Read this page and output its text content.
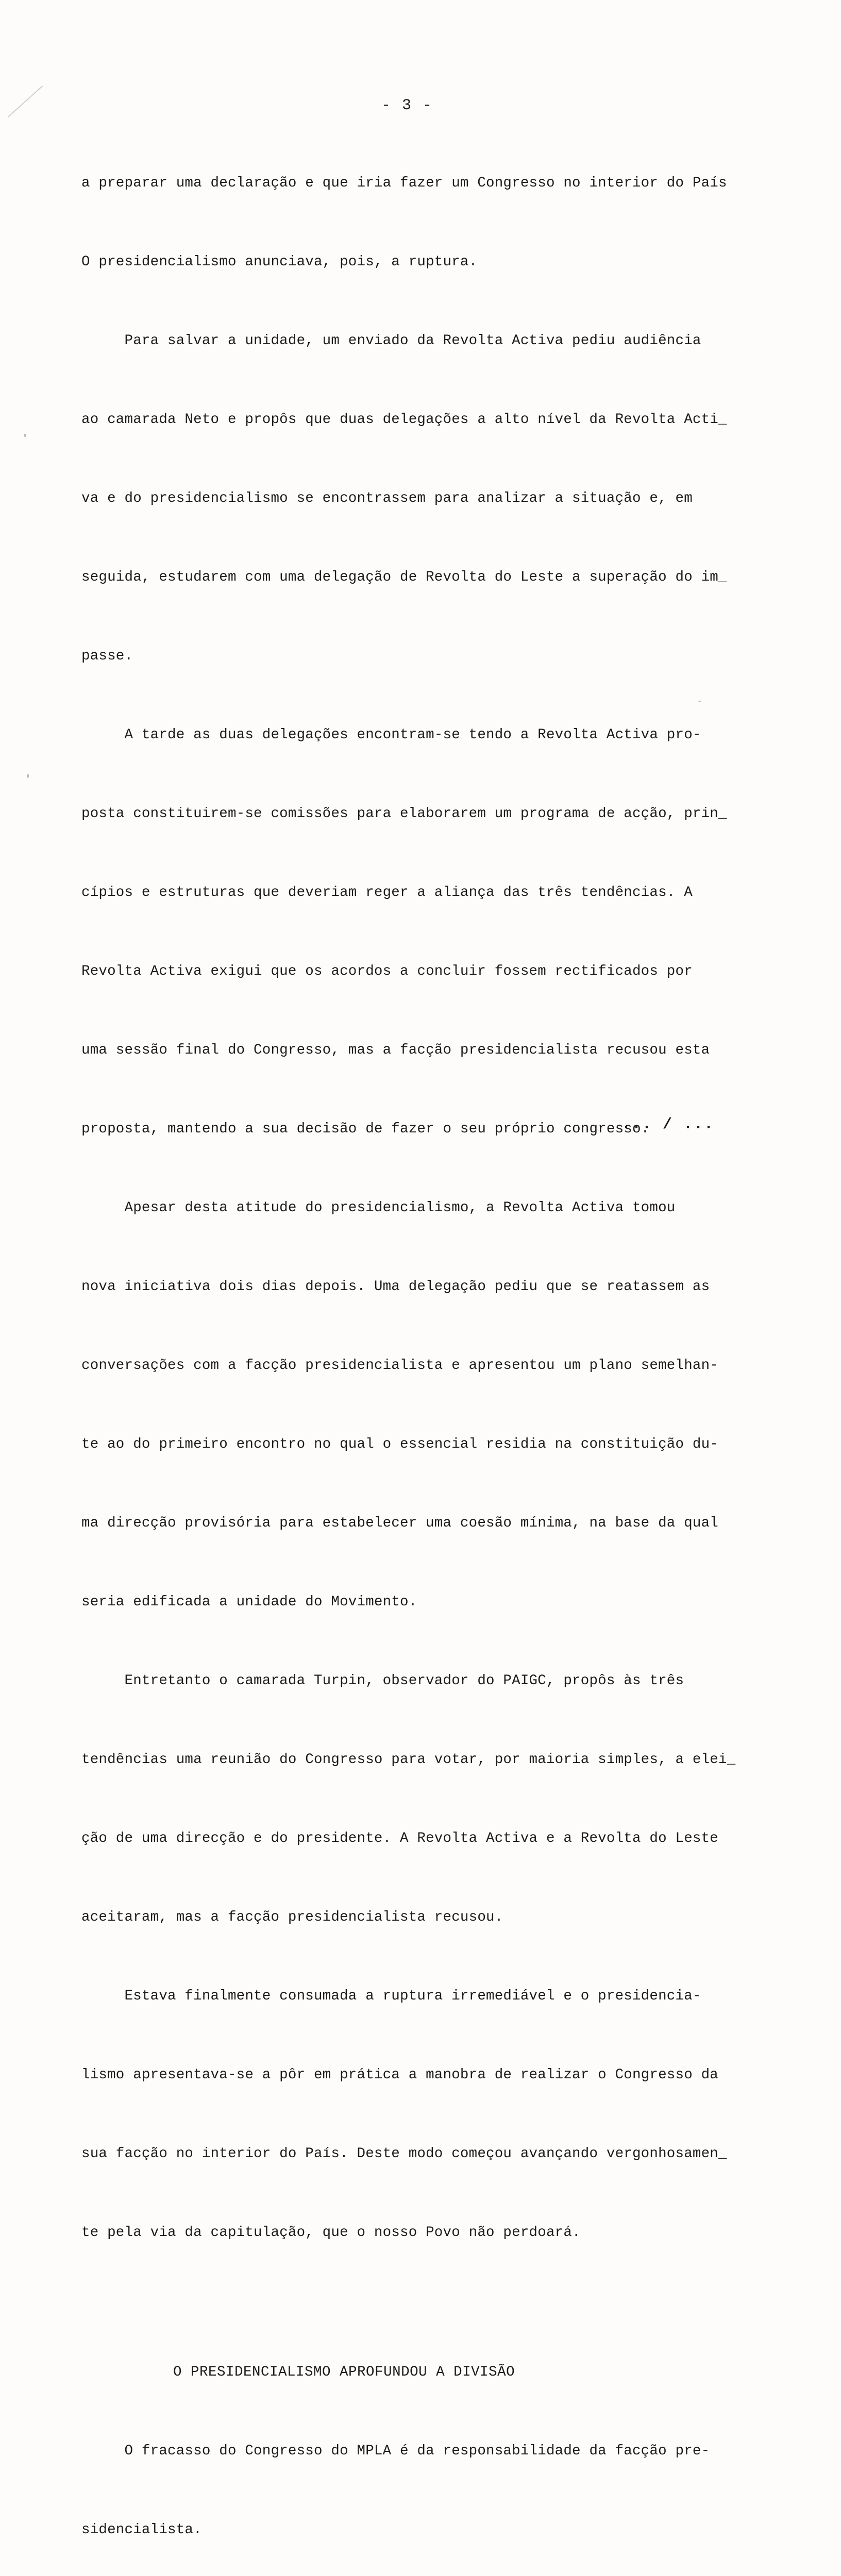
- 3 -

a preparar uma declaração e que iria fazer um Congresso no interior do País

O presidencialismo anunciava, pois, a ruptura.

Para salvar a unidade, um enviado da Revolta Activa pediu audiência

ao camarada Neto e propôs que duas delegações a alto nível da Revolta Acti_

va e do presidencialismo se encontrassem para analizar a situação e, em

seguida, estudarem com uma delegação de Revolta do Leste a superação do im_

passe.

A tarde as duas delegações encontram-se tendo a Revolta Activa pro-

posta constituirem-se comissões para elaborarem um programa de acção, prin_

cípios e estruturas que deveriam reger a aliança das três tendências. A

Revolta Activa exigui que os acordos a concluir fossem rectificados por

uma sessão final do Congresso, mas a facção presidencialista recusou esta

proposta, mantendo a sua decisão de fazer o seu próprio congresso.

Apesar desta atitude do presidencialismo, a Revolta Activa tomou

nova iniciativa dois dias depois. Uma delegação pediu que se reatassem as

conversações com a facção presidencialista e apresentou um plano semelhan-

te ao do primeiro encontro no qual o essencial residia na constituição du-

ma direcção provisória para estabelecer uma coesão mínima, na base da qual

seria edificada a unidade do Movimento.

Entretanto o camarada Turpin, observador do PAIGC, propôs às três

tendências uma reunião do Congresso para votar, por maioria simples, a elei_

ção de uma direcção e do presidente. A Revolta Activa e a Revolta do Leste

aceitaram, mas a facção presidencialista recusou.

Estava finalmente consumada a ruptura irremediável e o presidencia-

lismo apresentava-se a pôr em prática a manobra de realizar o Congresso da

sua facção no interior do País. Deste modo começou avançando vergonhosamen_

te pela via da capitulação, que o nosso Povo não perdoará.

O PRESIDENCIALISMO APROFUNDOU A DIVISÃO

O fracasso do Congresso do MPLA é da responsabilidade da facção pre-

sidencialista.

... / ...
